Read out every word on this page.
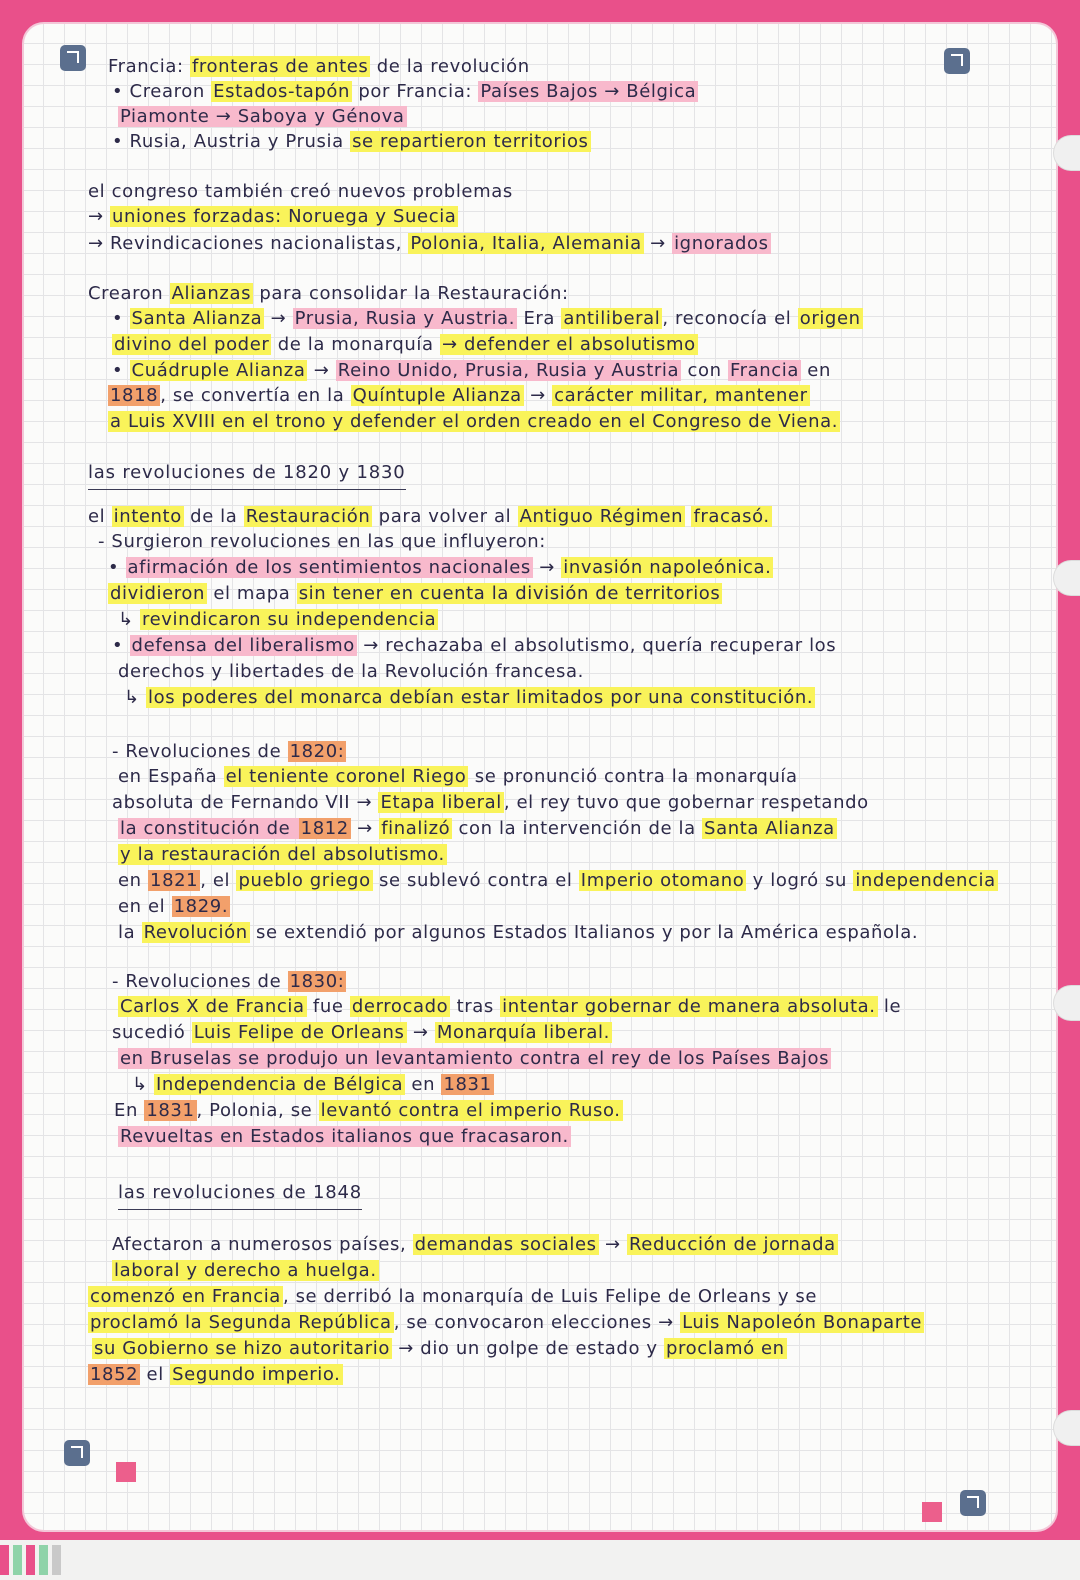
Francia: fronteras de antes de la revolución
• Crearon Estados-tapón por Francia: Países Bajos → Bélgica
Piamonte → Saboya y Génova
• Rusia, Austria y Prusia se repartieron territorios
el congreso también creó nuevos problemas
→ uniones forzadas: Noruega y Suecia
→ Revindicaciones nacionalistas, Polonia, Italia, Alemania → ignorados
Crearon Alianzas para consolidar la Restauración:
• Santa Alianza → Prusia, Rusia y Austria. Era antiliberal , reconocía el origen
divino del poder de la monarquía → defender el absolutismo
• Cuádruple Alianza → Reino Unido, Prusia, Rusia y Austria con Francia en
1818 , se convertía en la Quíntuple Alianza → carácter militar, mantener
a Luis XVIII en el trono y defender el orden creado en el Congreso de Viena.
el intento de la Restauración para volver al Antiguo Régimen fracasó.
- Surgieron revoluciones en las que influyeron:
• afirmación de los sentimientos nacionales → invasión napoleónica.
dividieron el mapa sin tener en cuenta la división de territorios
↳ revindicaron su independencia
• defensa del liberalismo → rechazaba el absolutismo, quería recuperar los
derechos y libertades de la Revolución francesa.
↳ los poderes del monarca debían estar limitados por una constitución.
- Revoluciones de 1820:
en España el teniente coronel Riego se pronunció contra la monarquía
absoluta de Fernando VII → Etapa liberal , el rey tuvo que gobernar respetando
la constitución de 1812 → finalizó con la intervención de la Santa Alianza
y la restauración del absolutismo.
en 1821 , el pueblo griego se sublevó contra el Imperio otomano y logró su independencia
en el 1829.
la Revolución se extendió por algunos Estados Italianos y por la América española.
- Revoluciones de 1830:
Carlos X de Francia fue derrocado tras intentar gobernar de manera absoluta. le
sucedió Luis Felipe de Orleans → Monarquía liberal.
en Bruselas se produjo un levantamiento contra el rey de los Países Bajos
↳ Independencia de Bélgica en 1831
En 1831 , Polonia, se levantó contra el imperio Ruso.
Revueltas en Estados italianos que fracasaron.
Afectaron a numerosos países, demandas sociales → Reducción de jornada
laboral y derecho a huelga.
comenzó en Francia , se derribó la monarquía de Luis Felipe de Orleans y se
proclamó la Segunda República , se convocaron elecciones → Luis Napoleón Bonaparte
su Gobierno se hizo autoritario → dio un golpe de estado y proclamó en
1852 el Segundo imperio.
las revoluciones de 1820 y 1830
las revoluciones de 1848
